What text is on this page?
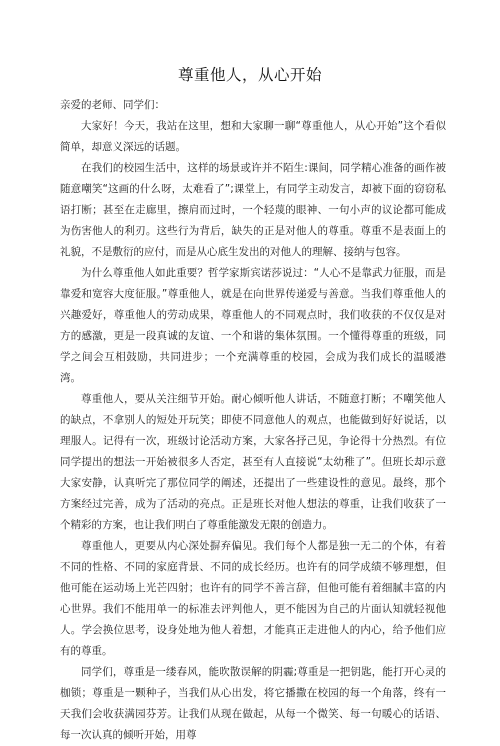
尊重他人，从心开始

亲爱的老师、同学们：

大家好！今天，我站在这里，想和大家聊一聊“尊重他人，从心开始”这个看似简单，却意义深远的话题。

在我们的校园生活中，这样的场景或许并不陌生:课间，同学精心准备的画作被随意嘲笑“这画的什么呀，太难看了”;课堂上，有同学主动发言，却被下面的窃窃私语打断；甚至在走廊里，擦肩而过时，一个轻蔑的眼神、一句小声的议论都可能成为伤害他人的利刃。这些行为背后，缺失的正是对他人的尊重。尊重不是表面上的礼貌，不是敷衍的应付，而是从心底生发出的对他人的理解、接纳与包容。

为什么尊重他人如此重要？哲学家斯宾诺莎说过：“人心不是靠武力征服，而是靠爱和宽容大度征服。”尊重他人，就是在向世界传递爱与善意。当我们尊重他人的兴趣爱好，尊重他人的劳动成果，尊重他人的不同观点时，我们收获的不仅仅是对方的感激，更是一段真诚的友谊、一个和谐的集体氛围。一个懂得尊重的班级，同学之间会互相鼓励，共同进步；一个充满尊重的校园，会成为我们成长的温暖港湾。

尊重他人，要从关注细节开始。耐心倾听他人讲话，不随意打断；不嘲笑他人的缺点，不拿别人的短处开玩笑；即使不同意他人的观点，也能做到好好说话，以理服人。记得有一次，班级讨论活动方案，大家各抒己见，争论得十分热烈。有位同学提出的想法一开始被很多人否定，甚至有人直接说“太幼稚了”。但班长却示意大家安静，认真听完了那位同学的阐述，还提出了一些建设性的意见。最终，那个方案经过完善，成为了活动的亮点。正是班长对他人想法的尊重，让我们收获了一个精彩的方案，也让我们明白了尊重能激发无限的创造力。

尊重他人，更要从内心深处摒弃偏见。我们每个人都是独一无二的个体，有着不同的性格、不同的家庭背景、不同的成长经历。也许有的同学成绩不够理想，但他可能在运动场上光芒四射；也许有的同学不善言辞，但他可能有着细腻丰富的内心世界。我们不能用单一的标准去评判他人，更不能因为自己的片面认知就轻视他人。学会换位思考，设身处地为他人着想，才能真正走进他人的内心，给予他们应有的尊重。

同学们，尊重是一缕春风，能吹散误解的阴霾;尊重是一把钥匙，能打开心灵的枷锁；尊重是一颗种子，当我们从心出发，将它播撒在校园的每一个角落，终有一天我们会收获满园芬芳。让我们从现在做起，从每一个微笑、每一句暖心的话语、每一次认真的倾听开始，用尊
